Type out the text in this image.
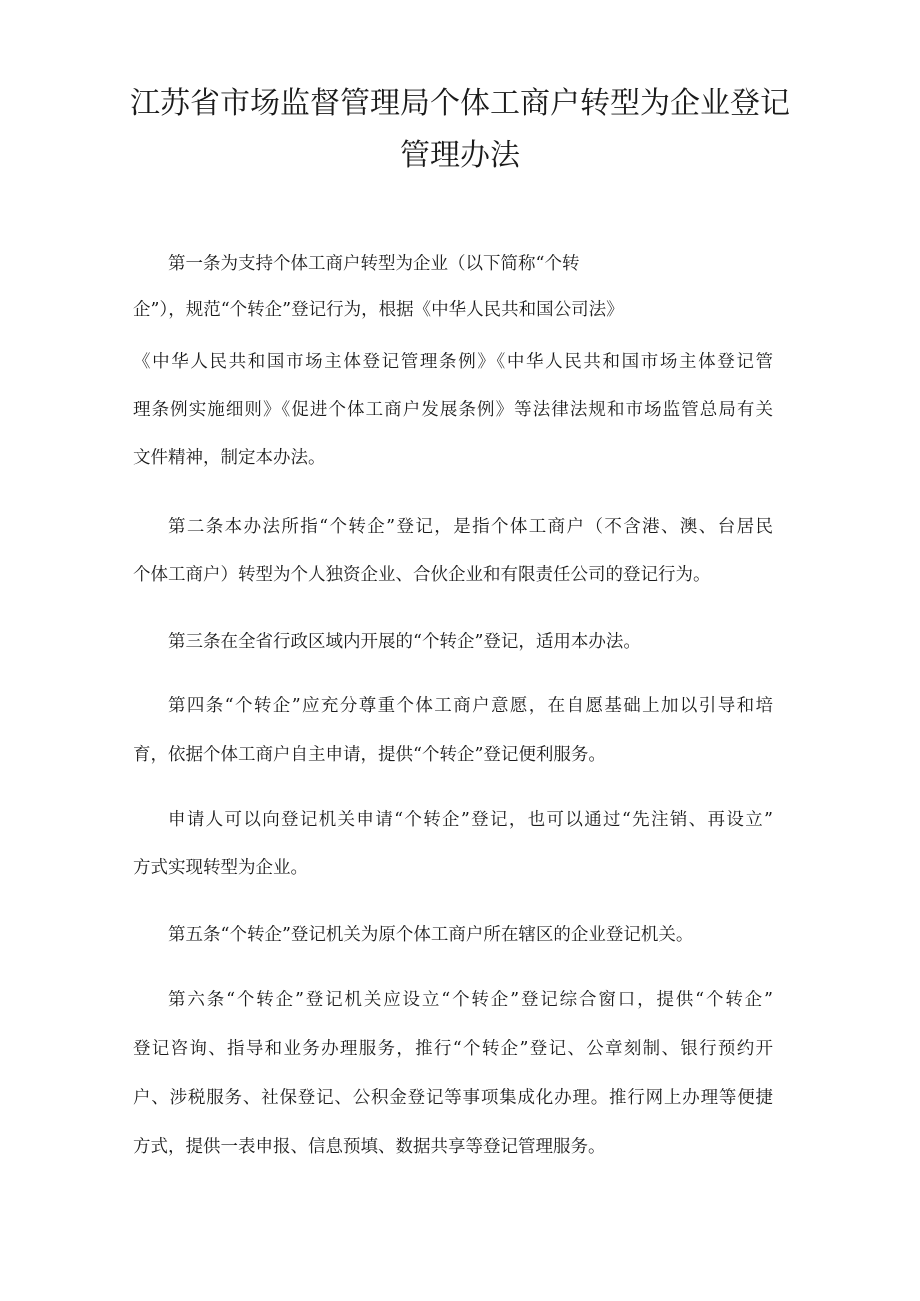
江苏省市场监督管理局个体工商户转型为企业登记
管理办法

第一条为支持个体工商户转型为企业（以下简称“个转

企”），规范“个转企”登记行为，根据《中华人民共和国公司法》

《中华人民共和国市场主体登记管理条例》《中华人民共和国市场主体登记管

理条例实施细则》《促进个体工商户发展条例》等法律法规和市场监管总局有关

文件精神，制定本办法。

第二条本办法所指“个转企”登记，是指个体工商户（不含港、澳、台居民

个体工商户）转型为个人独资企业、合伙企业和有限责任公司的登记行为。

第三条在全省行政区域内开展的“个转企”登记，适用本办法。

第四条“个转企”应充分尊重个体工商户意愿，在自愿基础上加以引导和培

育，依据个体工商户自主申请，提供“个转企”登记便利服务。

申请人可以向登记机关申请“个转企”登记，也可以通过“先注销、再设立”

方式实现转型为企业。

第五条“个转企”登记机关为原个体工商户所在辖区的企业登记机关。

第六条“个转企”登记机关应设立“个转企”登记综合窗口，提供“个转企”

登记咨询、指导和业务办理服务，推行“个转企”登记、公章刻制、银行预约开

户、涉税服务、社保登记、公积金登记等事项集成化办理。推行网上办理等便捷

方式，提供一表申报、信息预填、数据共享等登记管理服务。
